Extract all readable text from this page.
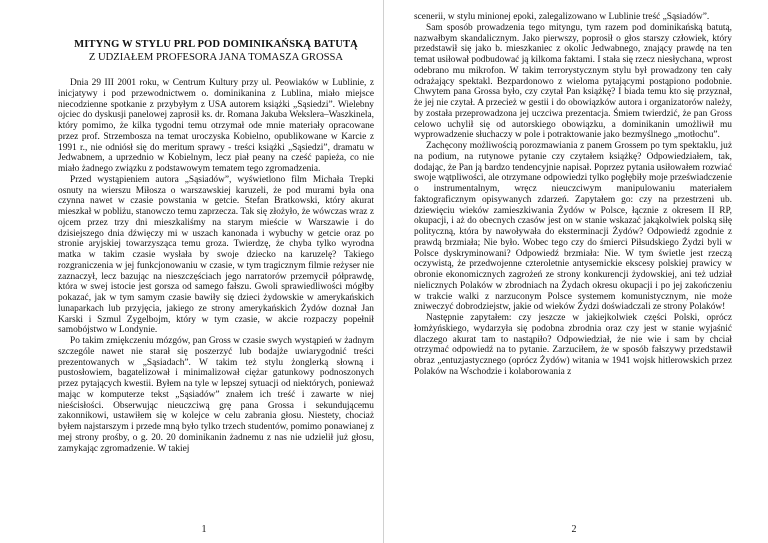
MITYNG W STYLU PRL POD DOMINIKAŃSKĄ BATUTĄ
Z UDZIAŁEM PROFESORA JANA TOMASZA GROSSA

Dnia 29 III 2001 roku, w Centrum Kultury przy ul. Peowiaków w Lublinie, z inicjatywy i pod przewodnictwem o. dominikanina z Lublina, miało miejsce niecodzienne spotkanie z przybyłym z USA autorem książki „Sąsiedzi”. Wielebny ojciec do dyskusji panelowej zaprosił ks. dr. Romana Jakuba Wekslera–Waszkinela, który pomimo, że kilka tygodni temu otrzymał ode mnie materiały opracowane przez prof. Strzembosza na temat uroczyska Kobielno, opublikowane w Karcie z 1991 r., nie odniósł się do meritum sprawy - treści książki „Sąsiedzi”, dramatu w Jedwabnem, a uprzednio w Kobielnym, lecz piał peany na cześć papieża, co nie miało żadnego związku z podstawowym tematem tego zgromadzenia.

Przed wystąpieniem autora „Sąsiadów”, wyświetlono film Michała Trepki osnuty na wierszu Miłosza o warszawskiej karuzeli, że pod murami była ona czynna nawet w czasie powstania w getcie. Stefan Bratkowski, który akurat mieszkał w pobliżu, stanowczo temu zaprzecza. Tak się złożyło, że wówczas wraz z ojcem przez trzy dni mieszkaliśmy na starym mieście w Warszawie i do dzisiejszego dnia dźwięczy mi w uszach kanonada i wybuchy w getcie oraz po stronie aryjskiej towarzysząca temu groza. Twierdzę, że chyba tylko wyrodna matka w takim czasie wysłała by swoje dziecko na karuzelę? Takiego rozgraniczenia w jej funkcjonowaniu w czasie, w tym tragicznym filmie reżyser nie zaznaczył, lecz bazując na nieszczęściach jego narratorów przemycił półprawdę, która w swej istocie jest gorsza od samego fałszu. Gwoli sprawiedliwości mógłby pokazać, jak w tym samym czasie bawiły się dzieci żydowskie w amerykańskich lunaparkach lub przyjęcia, jakiego ze strony amerykańskich Żydów doznał Jan Karski i Szmul Zygelbojm, który w tym czasie, w akcie rozpaczy popełnił samobójstwo w Londynie.

Po takim zmiękczeniu mózgów, pan Gross w czasie swych wystąpień w żadnym szczególe nawet nie starał się poszerzyć lub bodajże uwiarygodnić treści prezentowanych w „Sąsiadach”. W takim też stylu żonglerką słowną i pustosłowiem, bagatelizował i minimalizował ciężar gatunkowy podnoszonych przez pytających kwestii. Byłem na tyle w lepszej sytuacji od niektórych, ponieważ mając w komputerze tekst „Sąsiadów” znałem ich treść i zawarte w niej nieścisłości. Obserwując nieuczciwą grę pana Grossa i sekundującemu zakonnikowi, ustawiłem się w kolejce w celu zabrania głosu. Niestety, chociaż byłem najstarszym i przede mną było tylko trzech studentów, pomimo ponawianej z mej strony prośby, o g. 20. 20 dominikanin żadnemu z nas nie udzielił już głosu, zamykając zgromadzenie. W takiej

1

scenerii, w stylu minionej epoki, zalegalizowano w Lublinie treść „Sąsiadów”.

Sam sposób prowadzenia tego mityngu, tym razem pod dominikańską batutą, nazwałbym skandalicznym. Jako pierwszy, poprosił o głos starszy człowiek, który przedstawił się jako b. mieszkaniec z okolic Jedwabnego, znający prawdę na ten temat usiłował podbudować ją kilkoma faktami. I stała się rzecz niesłychana, wprost odebrano mu mikrofon. W takim terrorystycznym stylu był prowadzony ten cały odrażający spektakl. Bezpardonowo z wieloma pytającymi postąpiono podobnie. Chwytem pana Grossa było, czy czytał Pan książkę? I biada temu kto się przyznał, że jej nie czytał. A przecież w gestii i do obowiązków autora i organizatorów należy, by została przeprowadzona jej uczciwa prezentacja. Śmiem twierdzić, że pan Gross celowo uchylił się od autorskiego obowiązku, a dominikanin umożliwił mu wyprowadzenie słuchaczy w pole i potraktowanie jako bezmyślnego „motłochu”.

Zachęcony możliwością porozmawiania z panem Grossem po tym spektaklu, już na podium, na rutynowe pytanie czy czytałem książkę? Odpowiedziałem, tak, dodając, że Pan ją bardzo tendencyjnie napisał. Poprzez pytania usiłowałem rozwiać swoje wątpliwości, ale otrzymane odpowiedzi tylko pogłębiły moje przeświadczenie o instrumentalnym, wręcz nieuczciwym manipulowaniu materiałem faktograficznym opisywanych zdarzeń. Zapytałem go: czy na przestrzeni ub. dziewięciu wieków zamieszkiwania Żydów w Polsce, łącznie z okresem II RP, okupacji, i aż do obecnych czasów jest on w stanie wskazać jakąkolwiek polską siłę polityczną, która by nawoływała do eksterminacji Żydów? Odpowiedź zgodnie z prawdą brzmiała; Nie było. Wobec tego czy do śmierci Piłsudskiego Żydzi byli w Polsce dyskryminowani? Odpowiedź brzmiała: Nie. W tym świetle jest rzeczą oczywistą, że przedwojenne czteroletnie antysemickie ekscesy polskiej prawicy w obronie ekonomicznych zagrożeń ze strony konkurencji żydowskiej, ani też udział nielicznych Polaków w zbrodniach na Żydach okresu okupacji i po jej zakończeniu w trakcie walki z narzuconym Polsce systemem komunistycznym, nie może zniweczyć dobrodziejstw, jakie od wieków Żydzi doświadczali ze strony Polaków!

Następnie zapytałem: czy jeszcze w jakiejkolwiek części Polski, oprócz łomżyńskiego, wydarzyła się podobna zbrodnia oraz czy jest w stanie wyjaśnić dlaczego akurat tam to nastąpiło? Odpowiedział, że nie wie i sam by chciał otrzymać odpowiedź na to pytanie. Zarzuciłem, że w sposób fałszywy przedstawił obraz „entuzjastycznego (oprócz Żydów) witania w 1941 wojsk hitlerowskich przez Polaków na Wschodzie i kolaborowania z

2
